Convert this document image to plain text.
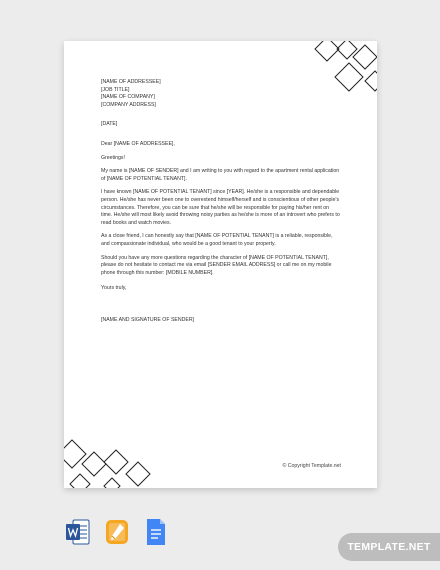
[NAME OF ADDRESSEE]
[JOB TITLE]
[NAME OF COMPANY]
[COMPANY ADDRESS]

[DATE]

Dear [NAME OF ADDRESSEE],

Greetings!

My name is [NAME OF SENDER] and I am writing to you with regard to the apartment rental application of [NAME OF POTENTIAL TENANT].

I have known [NAME OF POTENTIAL TENANT] since [YEAR]. He/she is a responsible and dependable person. He/she has never been one to overextend himself/herself and is conscientious of other people's circumstances. Therefore, you can be sure that he/she will be responsible for paying his/her rent on time. He/she will most likely avoid throwing noisy parties as he/she is more of an introvert who prefers to read books and watch movies.

As a close friend, I can honestly say that [NAME OF POTENTIAL TENANT] is a reliable, responsible, and compassionate individual, who would be a good tenant to your property.

Should you have any more questions regarding the character of [NAME OF POTENTIAL TENANT], please do not hesitate to contact me via email [SENDER EMAIL ADDRESS] or call me on my mobile phone through this number: [MOBILE NUMBER].

Yours truly,

[NAME AND SIGNATURE OF SENDER]

© Copyright Template.net
TEMPLATE.NET
